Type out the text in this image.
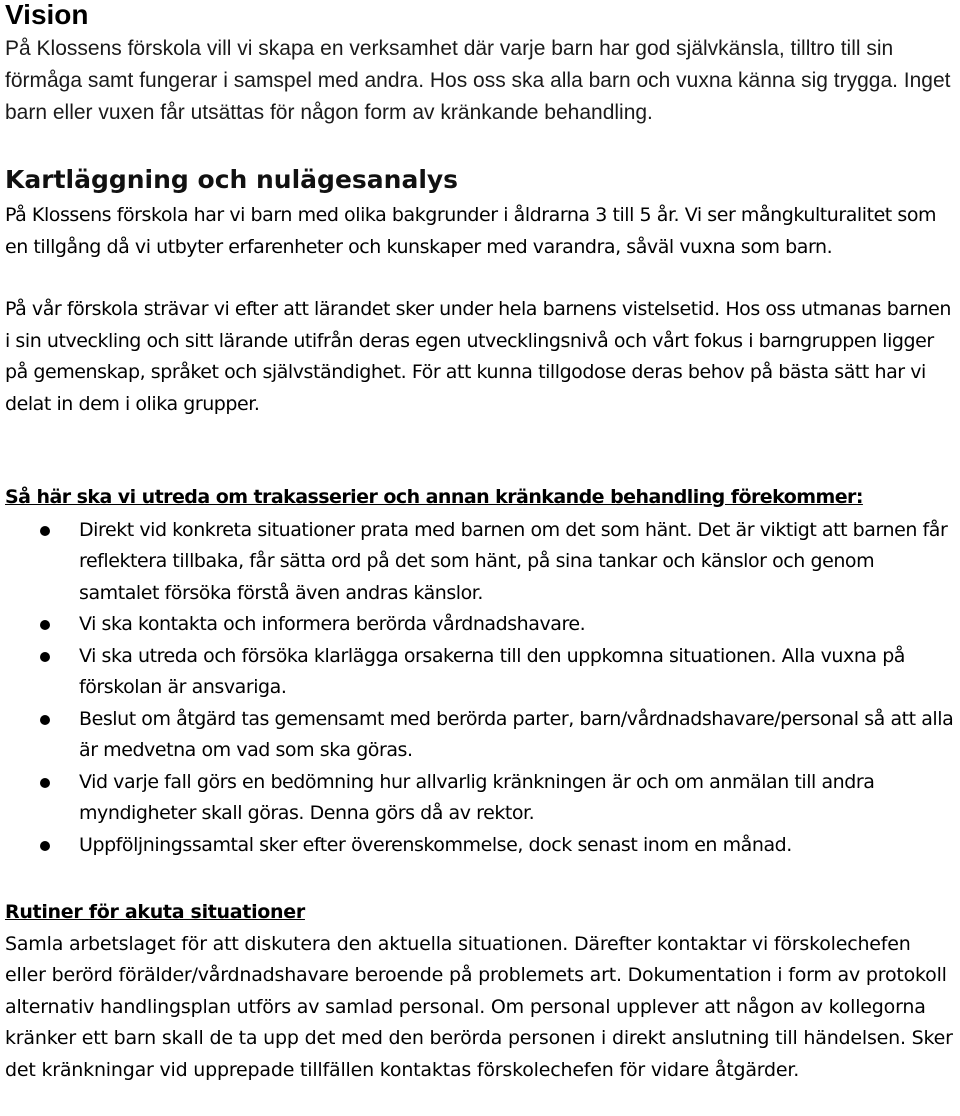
Vision

På Klossens förskola vill vi skapa en verksamhet där varje barn har god självkänsla, tilltro till sin förmåga samt fungerar i samspel med andra. Hos oss ska alla barn och vuxna känna sig trygga. Inget barn eller vuxen får utsättas för någon form av kränkande behandling.

Kartläggning och nulägesanalys

På Klossens förskola har vi barn med olika bakgrunder i åldrarna 3 till 5 år. Vi ser mångkulturalitet som en tillgång då vi utbyter erfarenheter och kunskaper med varandra, såväl vuxna som barn.

På vår förskola strävar vi efter att lärandet sker under hela barnens vistelsetid. Hos oss utmanas barnen i sin utveckling och sitt lärande utifrån deras egen utvecklingsnivå och vårt fokus i barngruppen ligger på gemenskap, språket och självständighet. För att kunna tillgodose deras behov på bästa sätt har vi delat in dem i olika grupper.

Så här ska vi utreda om trakasserier och annan kränkande behandling förekommer:

Direkt vid konkreta situationer prata med barnen om det som hänt. Det är viktigt att barnen får reflektera tillbaka, får sätta ord på det som hänt, på sina tankar och känslor och genom samtalet försöka förstå även andras känslor.
Vi ska kontakta och informera berörda vårdnadshavare.
Vi ska utreda och försöka klarlägga orsakerna till den uppkomna situationen. Alla vuxna på förskolan är ansvariga.
Beslut om åtgärd tas gemensamt med berörda parter, barn/vårdnadshavare/personal så att alla är medvetna om vad som ska göras.
Vid varje fall görs en bedömning hur allvarlig kränkningen är och om anmälan till andra myndigheter skall göras. Denna görs då av rektor.
Uppföljningssamtal sker efter överenskommelse, dock senast inom en månad.

Rutiner för akuta situationer

Samla arbetslaget för att diskutera den aktuella situationen. Därefter kontaktar vi förskolechefen eller berörd förälder/vårdnadshavare beroende på problemets art. Dokumentation i form av protokoll alternativ handlingsplan utförs av samlad personal. Om personal upplever att någon av kollegorna kränker ett barn skall de ta upp det med den berörda personen i direkt anslutning till händelsen. Sker det kränkningar vid upprepade tillfällen kontaktas förskolechefen för vidare åtgärder.
